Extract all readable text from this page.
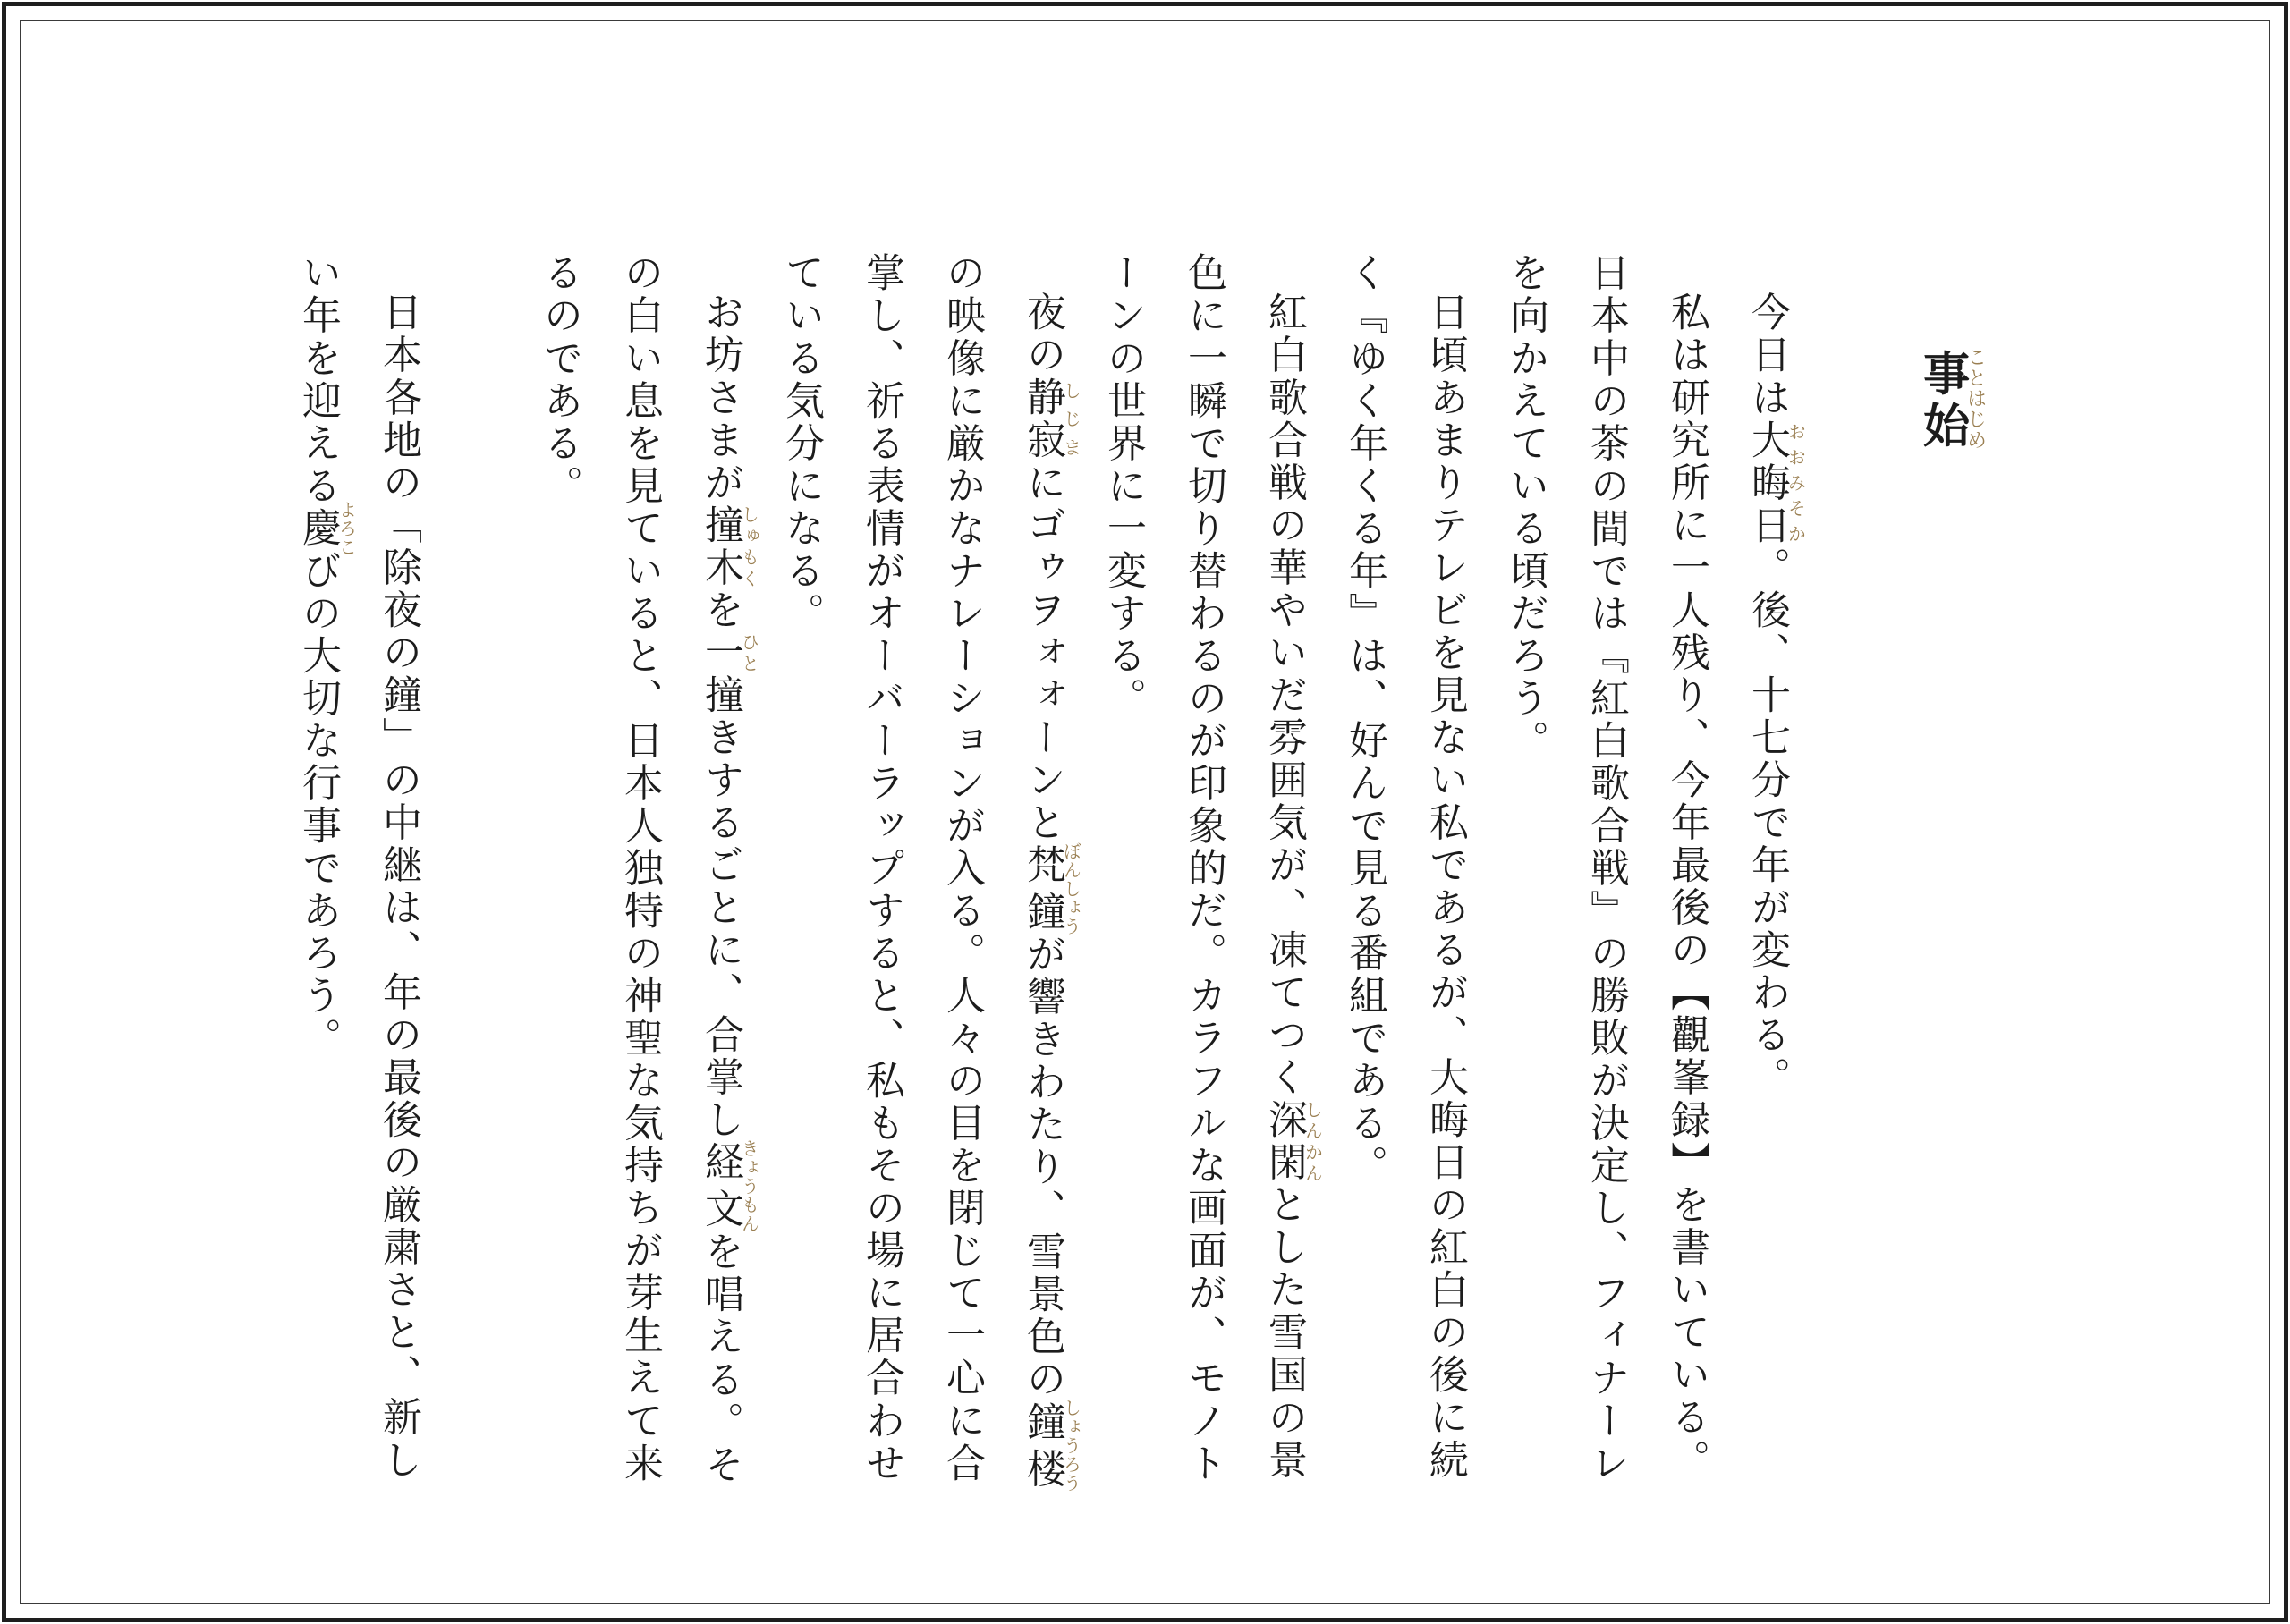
事始ことはじめ

今日は大晦日おおみそか。後、十七分で年が変わる。

私は研究所に一人残り、今年最後の【觀峯録】を書いている。

日本中の茶の間では『紅白歌合戦』の勝敗が決定し、フィナーレを向かえている頃だろう。

日頃あまりテレビを見ない私であるが、大晦日の紅白の後に続く『ゆく年くる年』は、好んで見る番組である。

紅白歌合戦の華やいだ雰囲気が、凍てつく深閑しんかんとした雪国の景色に一瞬で切り替わるのが印象的だ。カラフルな画面が、モノトーンの世界に一変する。

夜の静寂しじまにゴゥヲォォーンと梵鐘ぼんしょうが響きわたり、雪景色の鐘楼しょうろうの映像に厳かなナレーションが入る。人々の目を閉じて一心に合掌し、祈る表情がオーバーラップすると、私もその場に居合わせている気分になる。

お坊さまが撞木しゅもくを一ひと撞きするごとに、合掌し経文きょうもんを唱える。その白い息を見ていると、日本人独特の神聖な気持ちが芽生えて来るのである。

日本各地の「除夜の鐘」の中継は、年の最後の厳粛さと、新しい年を迎える慶よろこびの大切な行事であろう。
